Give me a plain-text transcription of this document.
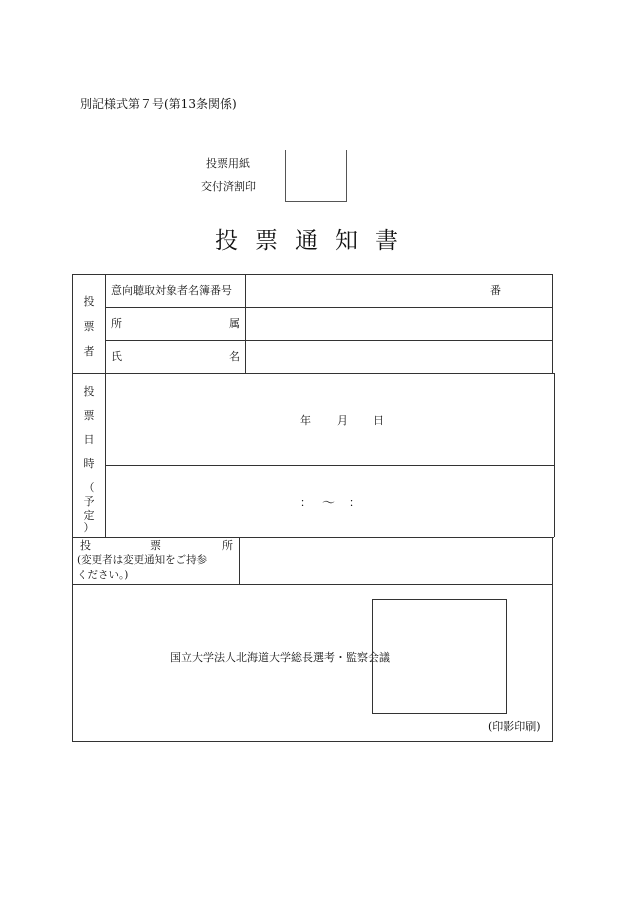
別記様式第７号(第13条関係)
投票用紙
交付済割印
投票通知書
投
票
者
意向聴取対象者名簿番号	番
所	属
氏	名
投
票
日
時
（
予
定
）
年 月 日
： ～ ：
投	票	所
(変更者は変更通知をご持参
ください。)
国立大学法人北海道大学総長選考・監察会議
(印影印刷)
